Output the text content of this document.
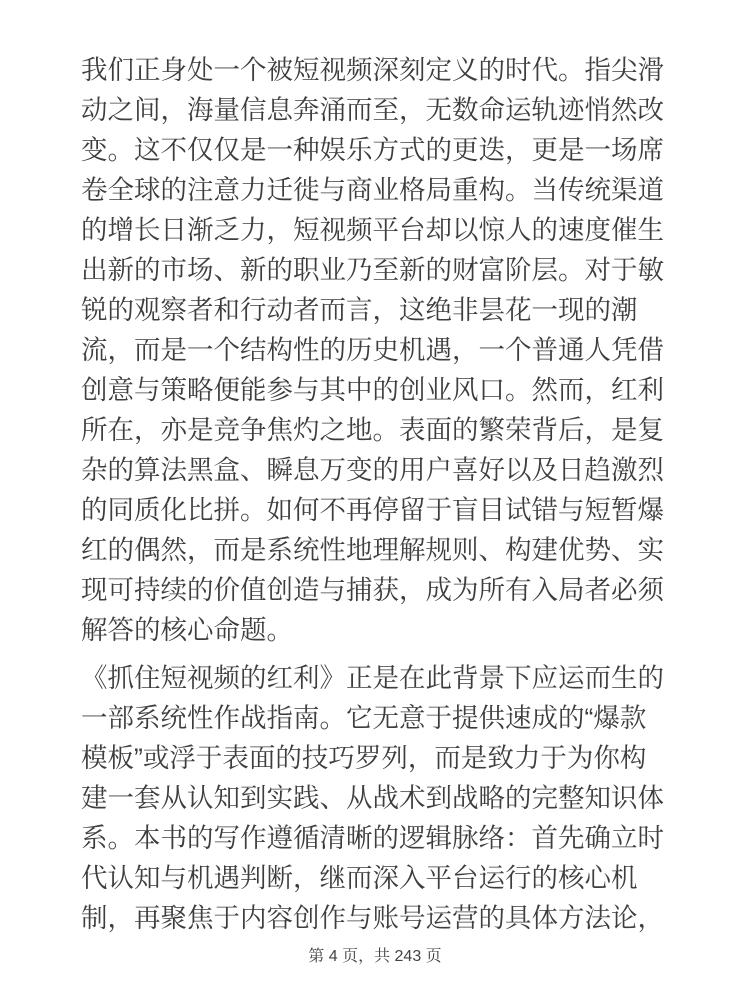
我们正身处一个被短视频深刻定义的时代。指尖滑
动之间，海量信息奔涌而至，无数命运轨迹悄然改
变。这不仅仅是一种娱乐方式的更迭，更是一场席
卷全球的注意力迁徙与商业格局重构。当传统渠道
的增长日渐乏力，短视频平台却以惊人的速度催生
出新的市场、新的职业乃至新的财富阶层。对于敏
锐的观察者和行动者而言，这绝非昙花一现的潮
流，而是一个结构性的历史机遇，一个普通人凭借
创意与策略便能参与其中的创业风口。然而，红利
所在，亦是竞争焦灼之地。表面的繁荣背后，是复
杂的算法黑盒、瞬息万变的用户喜好以及日趋激烈
的同质化比拼。如何不再停留于盲目试错与短暂爆
红的偶然，而是系统性地理解规则、构建优势、实
现可持续的价值创造与捕获，成为所有入局者必须
解答的核心命题。
《抓住短视频的红利》正是在此背景下应运而生的
一部系统性作战指南。它无意于提供速成的“爆款
模板”或浮于表面的技巧罗列，而是致力于为你构
建一套从认知到实践、从战术到战略的完整知识体
系。本书的写作遵循清晰的逻辑脉络：首先确立时
代认知与机遇判断，继而深入平台运行的核心机
制，再聚焦于内容创作与账号运营的具体方法论，
第 4 页，共 243 页
